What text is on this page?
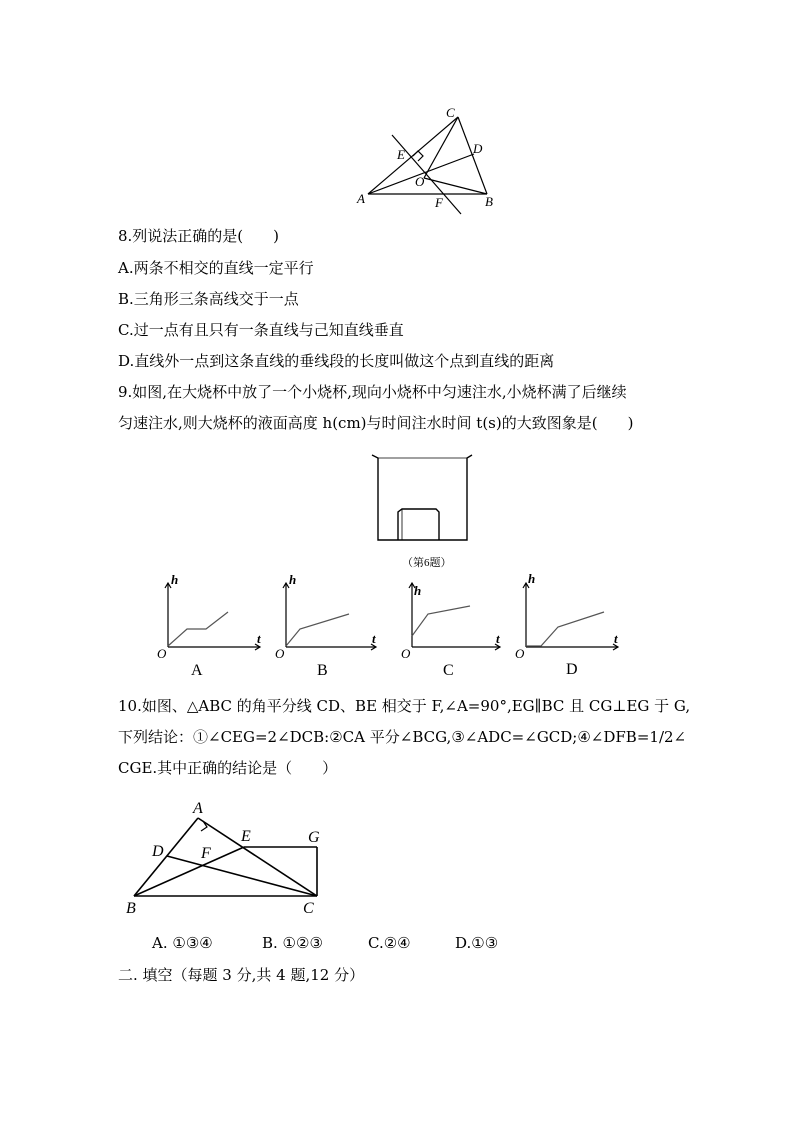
C
D
E
O
A	F	B
8.列说法正确的是(　　)
A.两条不相交的直线一定平行
B.三角形三条高线交于一点
C.过一点有且只有一条直线与己知直线垂直
D.直线外一点到这条直线的垂线段的长度叫做这个点到直线的距离
9.如图,在大烧杯中放了一个小烧杯,现向小烧杯中匀速注水,小烧杯满了后继续
匀速注水,则大烧杯的液面高度 h(cm)与时间注水时间 t(s)的大致图象是(　　)
（第6题）
h
t
O
A
h
t
O
B
h
t
O
C
h
t
O
D
10.如图、△ABC 的角平分线 CD、BE 相交于 F,∠A=90°,EG∥BC 且 CG⊥EG 于 G,
下列结论：①∠CEG=2∠DCB:②CA 平分∠BCG,③∠ADC=∠GCD;④∠DFB=1/2∠
CGE.其中正确的结论是（　　）
A
D
E	G
F
B	C
A. ①③④	B. ①②③	C.②④	D.①③
二. 填空（每题 3 分,共 4 题,12 分）
